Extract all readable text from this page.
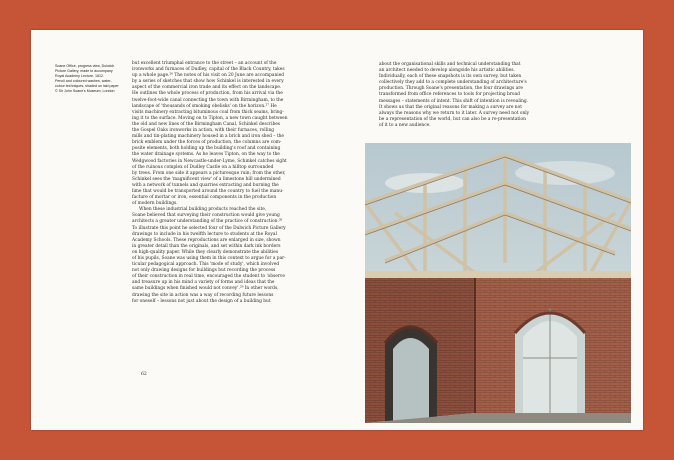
Soane Office, progress view, Dulwich
Picture Gallery, made to accompany
Royal Academy Lecture, 1812.
Pencil and coloured washes, water-
colour techniques, shaded on laid paper
© Sir John Soane's Museum, London

but excellent triumphal entrance to the street – an account of the
ironworks and furnaces of Dudley, capital of the Black Country, takes
up a whole page.²⁶ The notes of his visit on 20 June are accompanied
by a series of sketches that show how Schinkel is interested in every
aspect of the commercial iron trade and its effect on the landscape.
He outlines the whole process of production, from his arrival via the
twelve-foot-wide canal connecting the town with Birmingham, to the
landscape of 'thousands of smoking obelisks' on the horizon.²⁷ He
visits machinery extracting bituminous coal from thick seams, bring-
ing it to the surface. Moving on to Tipton, a new town caught between
the old and new lines of the Birmingham Canal, Schinkel describes
the Gospel Oaks ironworks in action, with their furnaces, rolling
mills and tin-plating machinery housed in a brick and iron shed – the
brick emblem under the forces of production, the columns are com-
posite elements, both holding up the building's roof and containing
the water drainage systems. As he leaves Tipton, on the way to the
Wedgwood factories in Newcastle-under-Lyme, Schinkel catches sight
of the ruinous complex of Dudley Castle on a hilltop surrounded
by trees. From one side it appears a picturesque ruin; from the other,
Schinkel sees the 'magnificent view' of a limestone hill undermined
with a network of tunnels and quarries extracting and burning the
lime that would be transported around the country to fuel the manu-
facture of mortar or iron, essential components in the production
of modern buildings.

When these industrial building products reached the site,
Soane believed that surveying their construction would give young
architects a greater understanding of the practice of construction.²⁸
To illustrate this point he selected four of the Dulwich Picture Gallery
drawings to include in his twelfth lecture to students at the Royal
Academy Schools. These reproductions are enlarged in size, shown
in greater detail than the originals, and set within dark ink borders
on high-quality paper. While they clearly demonstrate the abilities
of his pupils, Soane was using them in this context to argue for a par-
ticular pedagogical approach. This 'mode of study', which involved
not only drawing designs for buildings but recording the process
of their construction in real time, encouraged the student to 'observe
and treasure up in his mind a variety of forms and ideas that the
same buildings when finished would not convey'.²⁹ In other words,
drawing the site in action was a way of recording future lessons
for oneself – lessons not just about the design of a building but

62

about the organisational skills and technical understanding that
an architect needed to develop alongside his artistic abilities.
Individually, each of these snapshots is its own survey, but taken
collectively they add to a complete understanding of architecture's
production. Through Soane's presentation, the four drawings are
transformed from office references to tools for projecting broad
messages – statements of intent. This shift of intention is revealing.
It shows us that the original reasons for making a survey are not
always the reasons why we return to it later. A survey need not only
be a representation of the world, but can also be a re-presentation
of it to a new audience.
